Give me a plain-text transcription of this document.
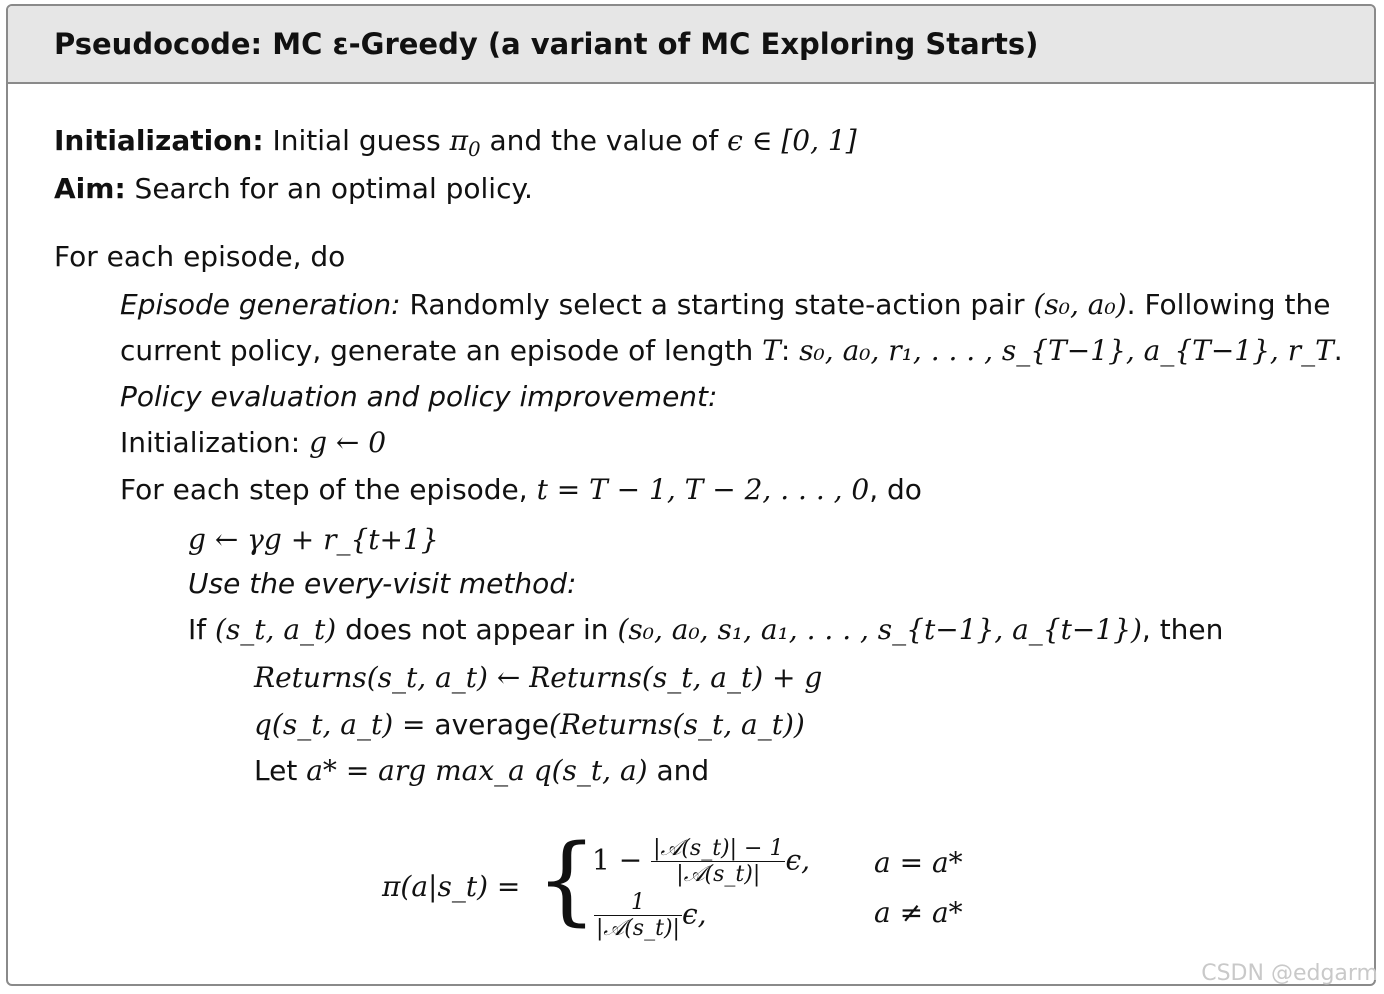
Pseudocode: MC ε-Greedy (a variant of MC Exploring Starts)
Initialization: Initial guess $\pi_0$ and the value of ϵ ∈ [0, 1]
Aim: Search for an optimal policy.
For each episode, do
Episode generation: Randomly select a starting state-action pair (s₀, a₀). Following the
current policy, generate an episode of length T: s₀, a₀, r₁, . . . , s_{T−1}, a_{T−1}, r_T.
Policy evaluation and policy improvement:
Initialization: g ← 0
For each step of the episode, t = T − 1, T − 2, . . . , 0, do
g ← γg + r_{t+1}
Use the every-visit method:
If (s_t, a_t) does not appear in (s₀, a₀, s₁, a₁, . . . , s_{t−1}, a_{t−1}), then
Returns(s_t, a_t) ← Returns(s_t, a_t) + g
q(s_t, a_t) = average(Returns(s_t, a_t))
Let a* = arg max_a q(s_t, a) and
π(a|s_t) = {
$1 - \frac{\text{|𝒜(s\_t)| − 1}}{\text{|𝒜(s\_t)|}} \epsilon$, a = a*
$\frac{1}{\text{|𝒜(s\_t)|}} \epsilon$,	a ≠ a*
CSDN @edgarm
